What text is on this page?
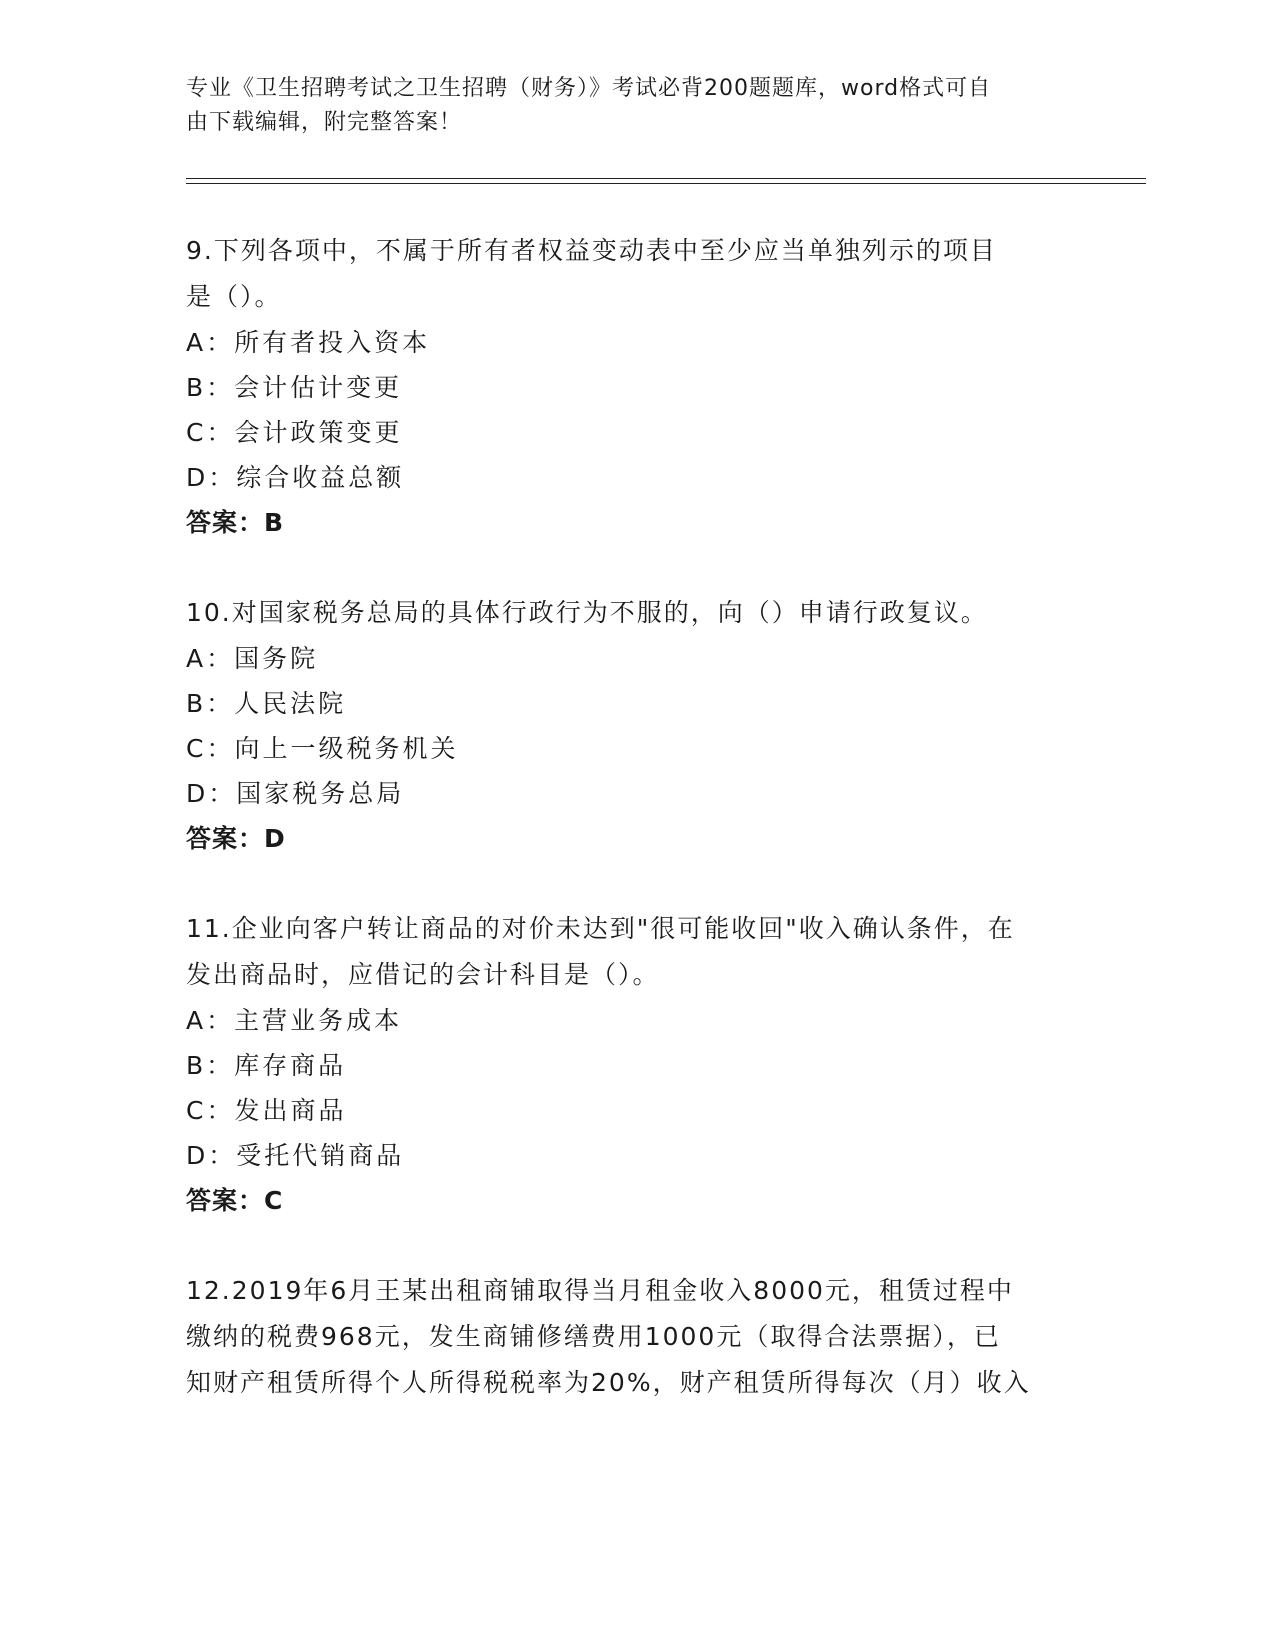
专业《卫生招聘考试之卫生招聘（财务）》考试必背200题题库，word格式可自

由下载编辑，附完整答案！

9.下列各项中，不属于所有者权益变动表中至少应当单独列示的项目

是（）。

A：所有者投入资本

B：会计估计变更

C：会计政策变更

D：综合收益总额

答案：B

10.对国家税务总局的具体行政行为不服的，向（）申请行政复议。

A：国务院

B：人民法院

C：向上一级税务机关

D：国家税务总局

答案：D

11.企业向客户转让商品的对价未达到"很可能收回"收入确认条件，在

发出商品时，应借记的会计科目是（）。

A：主营业务成本

B：库存商品

C：发出商品

D：受托代销商品

答案：C

12.2019年6月王某出租商铺取得当月租金收入8000元，租赁过程中

缴纳的税费968元，发生商铺修缮费用1000元（取得合法票据），已

知财产租赁所得个人所得税税率为20%，财产租赁所得每次（月）收入
